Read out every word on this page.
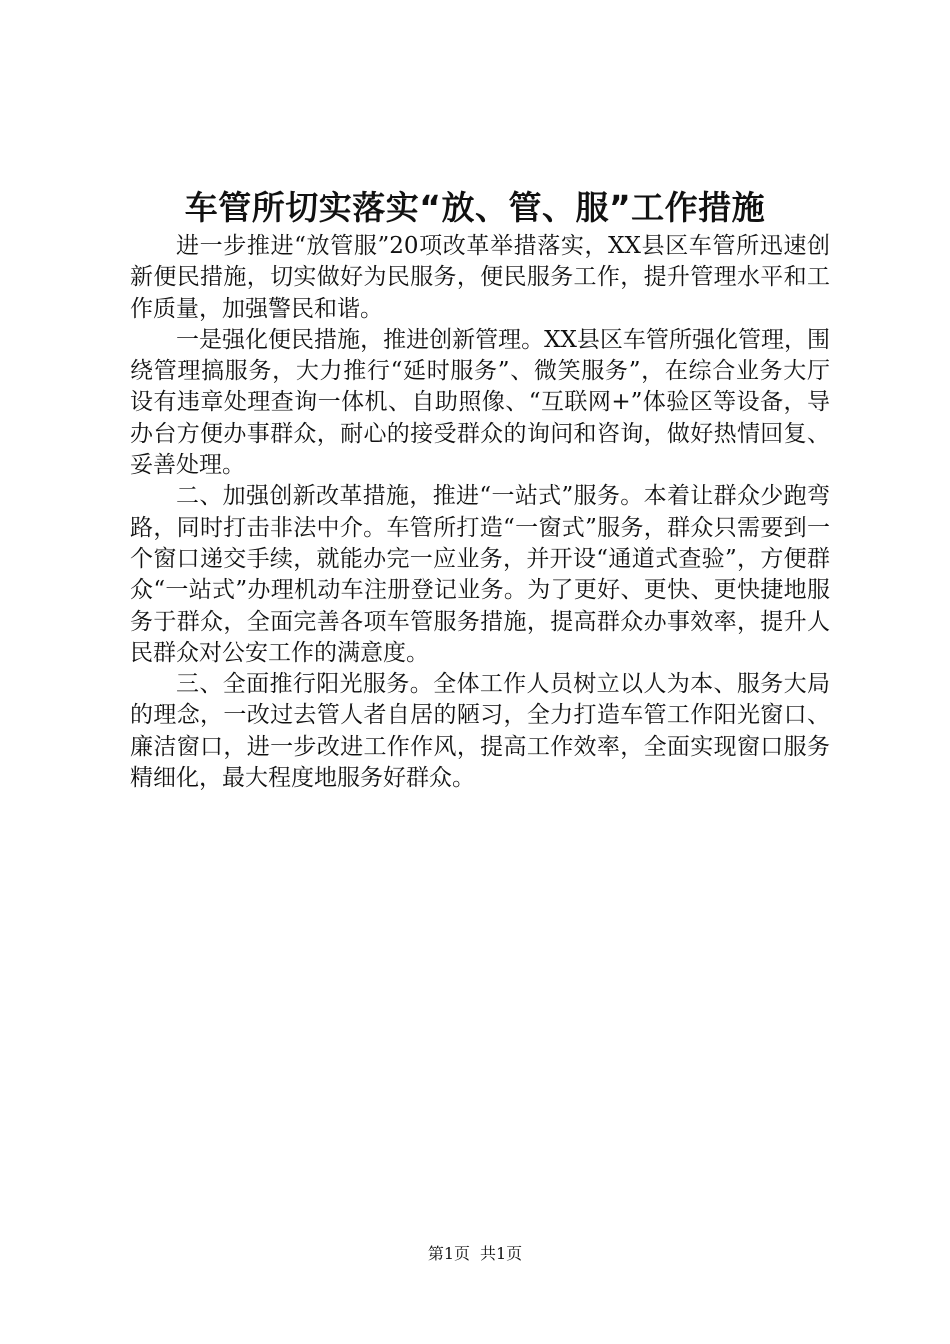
车管所切实落实“放、管、服”工作措施

进一步推进“放管服”20项改革举措落实，XX县区车管所迅速创新便民措施，切实做好为民服务，便民服务工作，提升管理水平和工作质量，加强警民和谐。

一是强化便民措施，推进创新管理。XX县区车管所强化管理，围绕管理搞服务，大力推行“延时服务”、微笑服务”，在综合业务大厅设有违章处理查询一体机、自助照像、“互联网+”体验区等设备，导办台方便办事群众，耐心的接受群众的询问和咨询，做好热情回复、妥善处理。

二、加强创新改革措施，推进“一站式”服务。本着让群众少跑弯路，同时打击非法中介。车管所打造“一窗式”服务，群众只需要到一个窗口递交手续，就能办完一应业务，并开设“通道式查验”，方便群众“一站式”办理机动车注册登记业务。为了更好、更快、更快捷地服务于群众，全面完善各项车管服务措施，提高群众办事效率，提升人民群众对公安工作的满意度。

三、全面推行阳光服务。全体工作人员树立以人为本、服务大局的理念，一改过去管人者自居的陋习，全力打造车管工作阳光窗口、廉洁窗口，进一步改进工作作风，提高工作效率，全面实现窗口服务精细化，最大程度地服务好群众。

第1页 共1页
